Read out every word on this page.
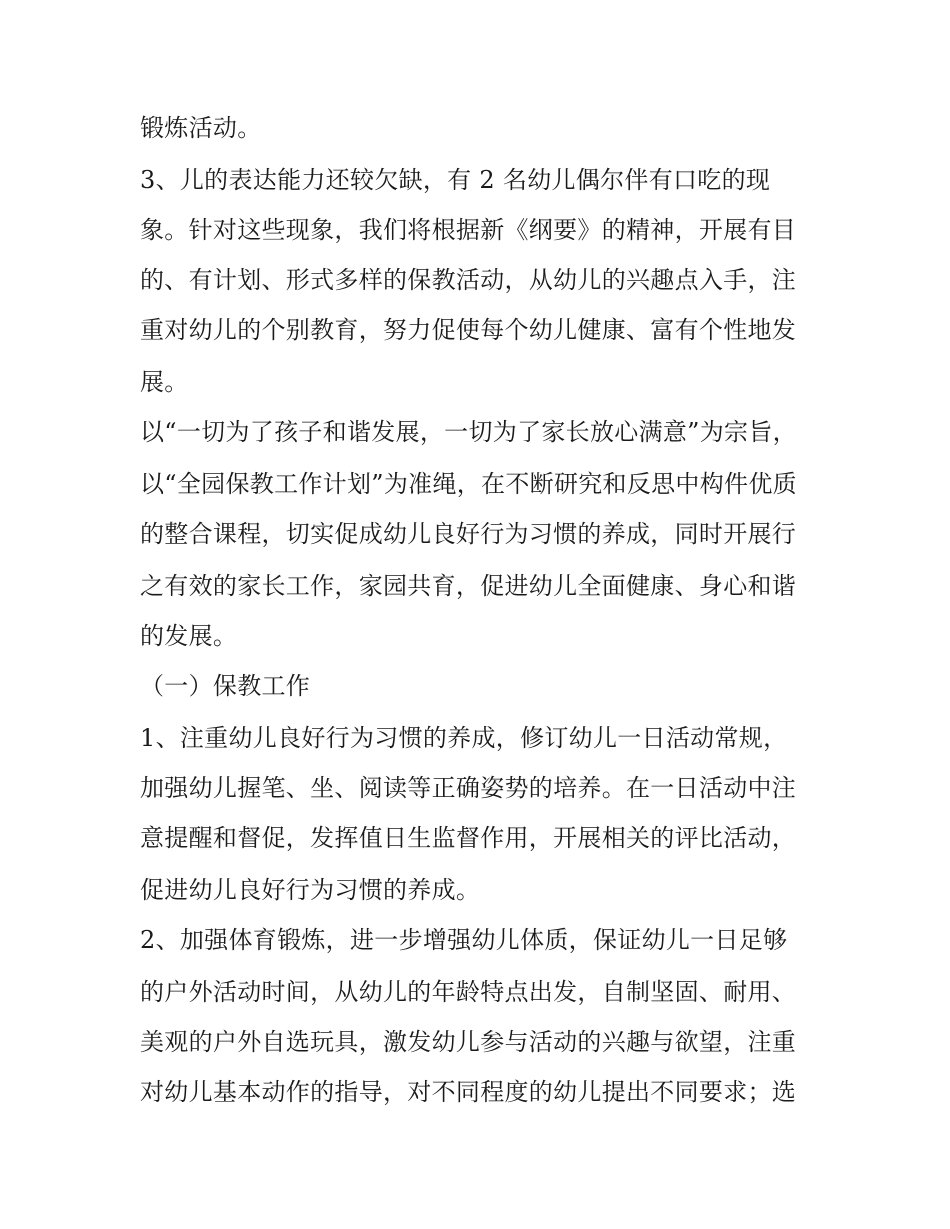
锻炼活动。
3、儿的表达能力还较欠缺，有 2 名幼儿偶尔伴有口吃的现
象。针对这些现象，我们将根据新《纲要》的精神，开展有目
的、有计划、形式多样的保教活动，从幼儿的兴趣点入手，注
重对幼儿的个别教育，努力促使每个幼儿健康、富有个性地发
展。
以“一切为了孩子和谐发展，一切为了家长放心满意”为宗旨，
以“全园保教工作计划”为准绳，在不断研究和反思中构件优质
的整合课程，切实促成幼儿良好行为习惯的养成，同时开展行
之有效的家长工作，家园共育，促进幼儿全面健康、身心和谐
的发展。
（一）保教工作
1、注重幼儿良好行为习惯的养成，修订幼儿一日活动常规，
加强幼儿握笔、坐、阅读等正确姿势的培养。在一日活动中注
意提醒和督促，发挥值日生监督作用，开展相关的评比活动，
促进幼儿良好行为习惯的养成。
2、加强体育锻炼，进一步增强幼儿体质，保证幼儿一日足够
的户外活动时间，从幼儿的年龄特点出发，自制坚固、耐用、
美观的户外自选玩具，激发幼儿参与活动的兴趣与欲望，注重
对幼儿基本动作的指导，对不同程度的幼儿提出不同要求；选
